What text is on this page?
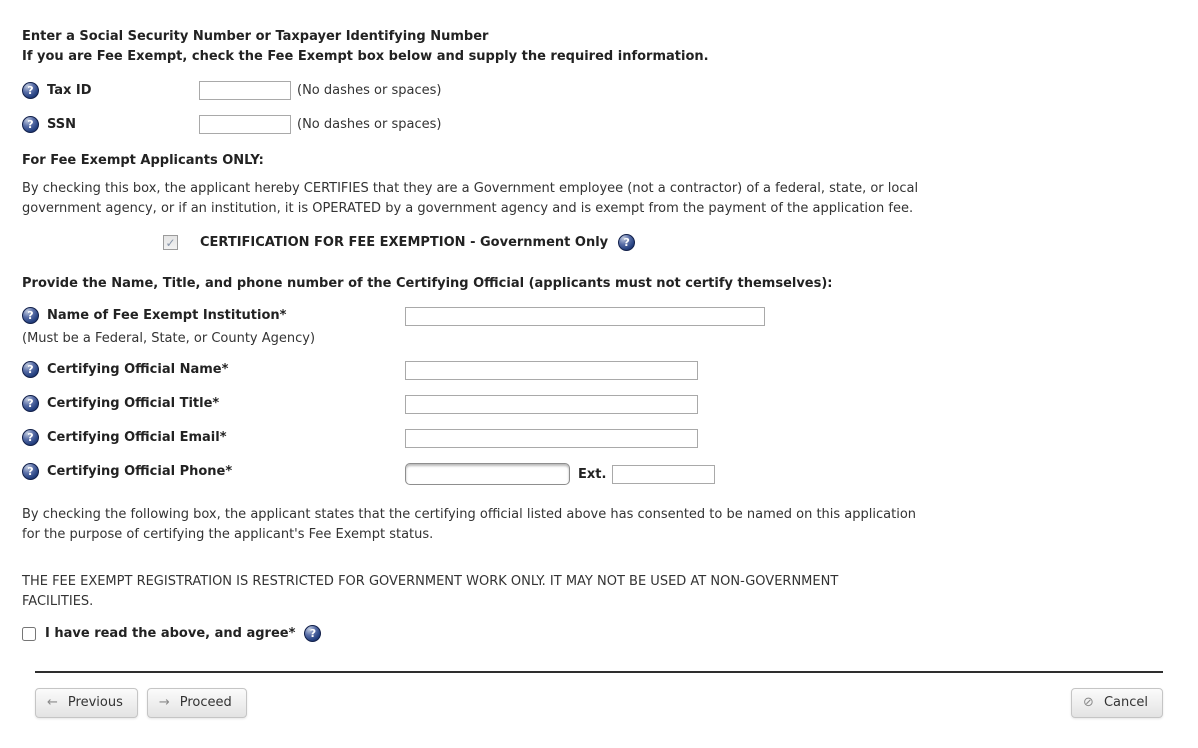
Enter a Social Security Number or Taxpayer Identifying Number

If you are Fee Exempt, check the Fee Exempt box below and supply the required information.

?	Tax ID	(No dashes or spaces)
?	SSN	(No dashes or spaces)

For Fee Exempt Applicants ONLY:

By checking this box, the applicant hereby CERTIFIES that they are a Government employee (not a contractor) of a federal, state, or local
government agency, or if an institution, it is OPERATED by a government agency and is exempt from the payment of the application fee.

✓ CERTIFICATION FOR FEE EXEMPTION - Government Only	?

Provide the Name, Title, and phone number of the Certifying Official (applicants must not certify themselves):

?	Name of Fee Exempt Institution*

(Must be a Federal, State, or County Agency)

?	Certifying Official Name*
?	Certifying Official Title*
?	Certifying Official Email*
?	Certifying Official Phone*	Ext.

By checking the following box, the applicant states that the certifying official listed above has consented to be named on this application
for the purpose of certifying the applicant's Fee Exempt status.

THE FEE EXEMPT REGISTRATION IS RESTRICTED FOR GOVERNMENT WORK ONLY. IT MAY NOT BE USED AT NON-GOVERNMENT
FACILITIES.

I have read the above, and agree*	?
← Previous	→ Proceed	⊘ Cancel
